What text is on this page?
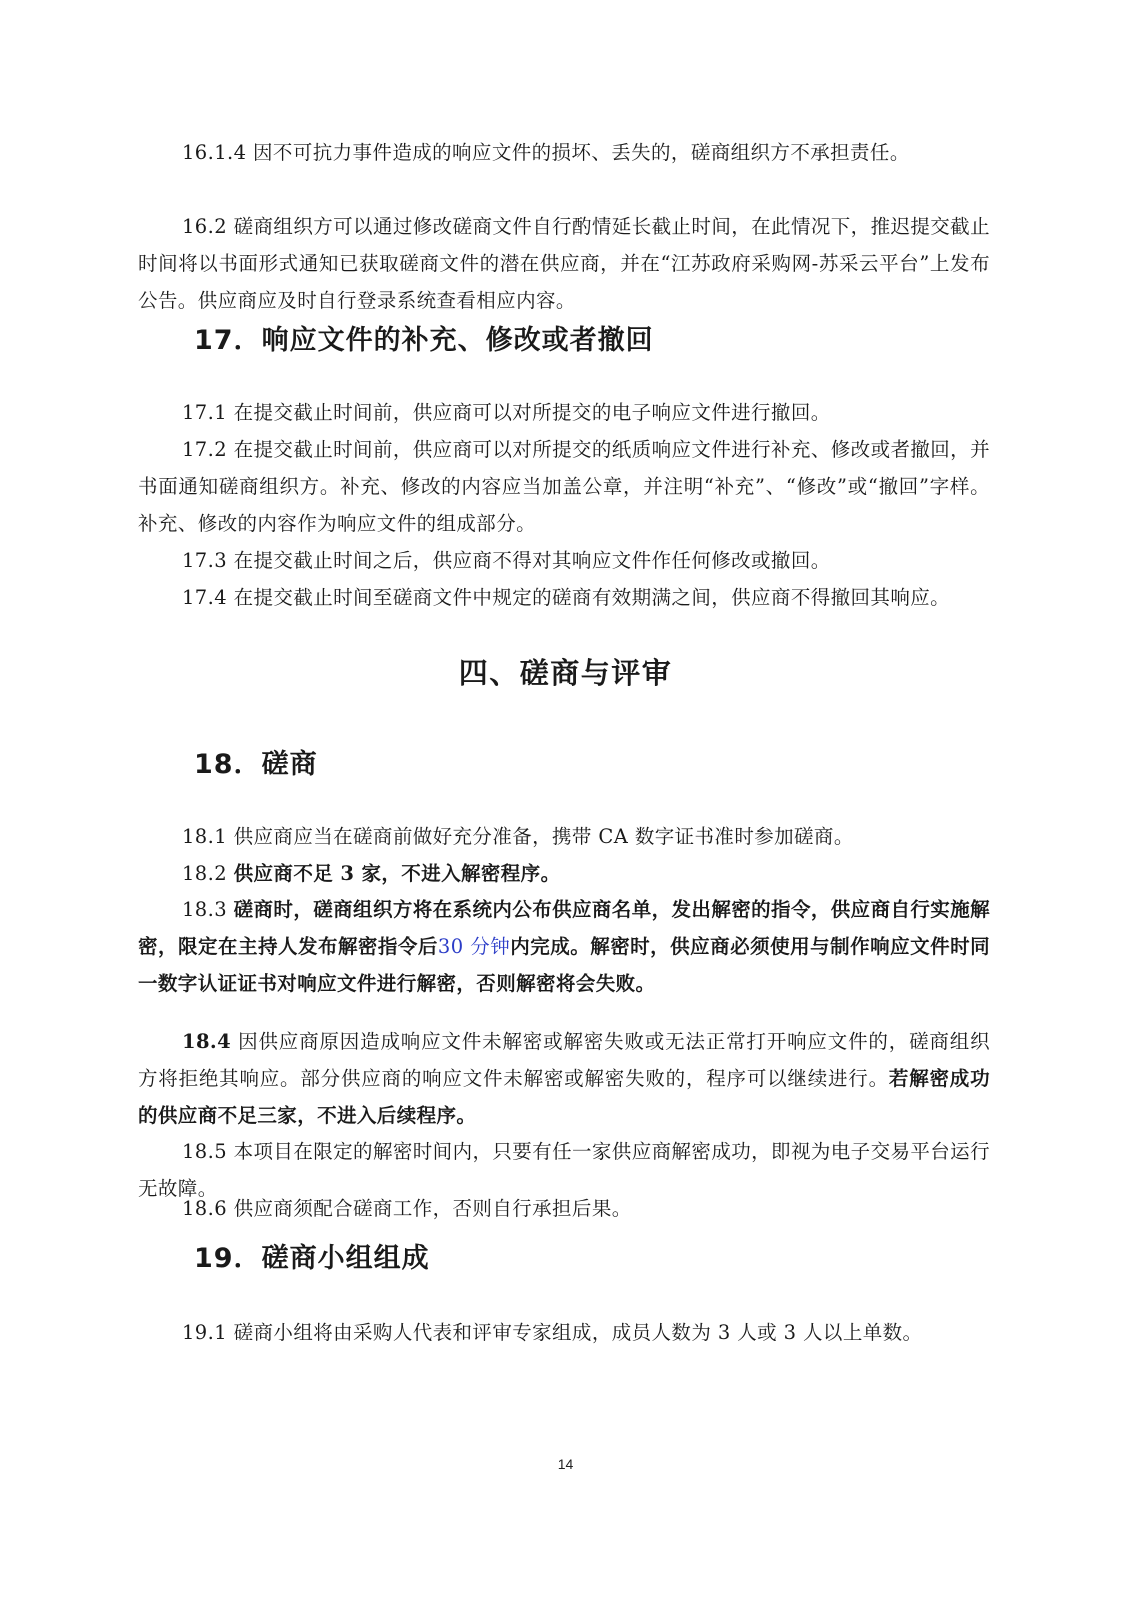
16.1.4 因不可抗力事件造成的响应文件的损坏、丢失的，磋商组织方不承担责任。
16.2 磋商组织方可以通过修改磋商文件自行酌情延长截止时间，在此情况下，推迟提交截止时间将以书面形式通知已获取磋商文件的潜在供应商，并在“江苏政府采购网-苏采云平台”上发布公告。供应商应及时自行登录系统查看相应内容。
17．响应文件的补充、修改或者撤回
17.1 在提交截止时间前，供应商可以对所提交的电子响应文件进行撤回。
17.2 在提交截止时间前，供应商可以对所提交的纸质响应文件进行补充、修改或者撤回，并书面通知磋商组织方。补充、修改的内容应当加盖公章，并注明“补充”、“修改”或“撤回”字样。补充、修改的内容作为响应文件的组成部分。
17.3 在提交截止时间之后，供应商不得对其响应文件作任何修改或撤回。
17.4 在提交截止时间至磋商文件中规定的磋商有效期满之间，供应商不得撤回其响应。
四、磋商与评审
18．磋商
18.1 供应商应当在磋商前做好充分准备，携带 CA 数字证书准时参加磋商。
18.2 供应商不足 3 家，不进入解密程序。
18.3 磋商时，磋商组织方将在系统内公布供应商名单，发出解密的指令，供应商自行实施解密，限定在主持人发布解密指令后30 分钟内完成。解密时，供应商必须使用与制作响应文件时同一数字认证证书对响应文件进行解密，否则解密将会失败。
18.4 因供应商原因造成响应文件未解密或解密失败或无法正常打开响应文件的，磋商组织方将拒绝其响应。部分供应商的响应文件未解密或解密失败的，程序可以继续进行。若解密成功的供应商不足三家，不进入后续程序。
18.5 本项目在限定的解密时间内，只要有任一家供应商解密成功，即视为电子交易平台运行无故障。
18.6 供应商须配合磋商工作，否则自行承担后果。
19．磋商小组组成
19.1 磋商小组将由采购人代表和评审专家组成，成员人数为 3 人或 3 人以上单数。
14
